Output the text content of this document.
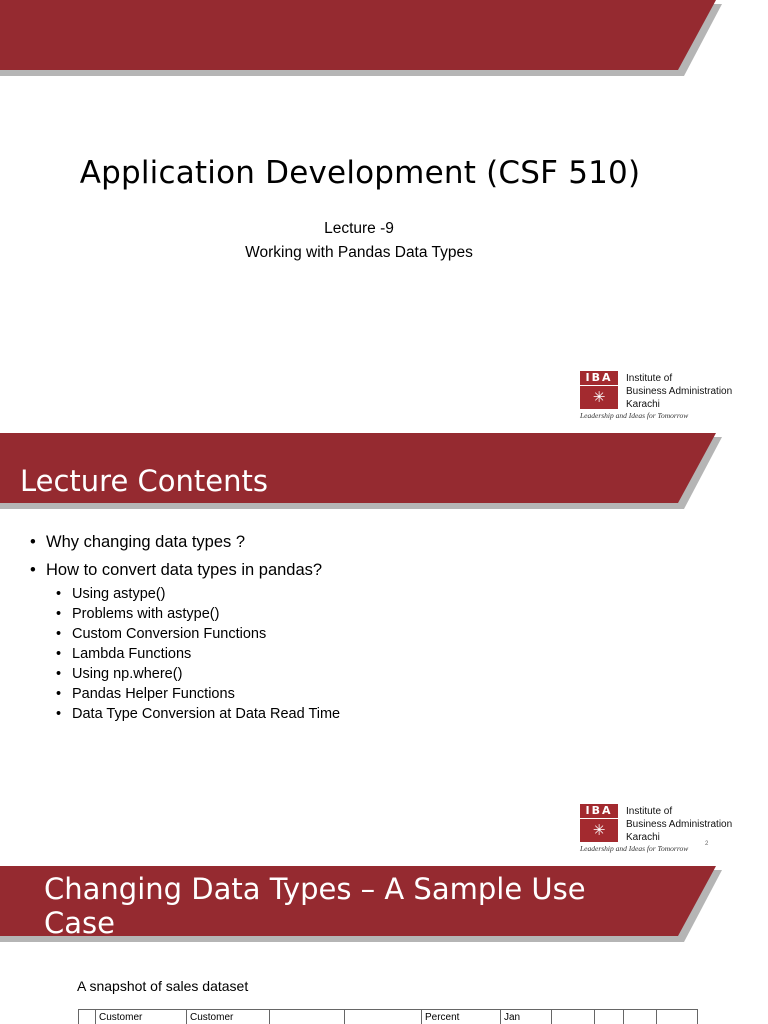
Application Development (CSF 510)
Lecture -9
Working with Pandas Data Types
IBA
✳
Institute of
Business Administration
Karachi
Leadership and Ideas for Tomorrow
Lecture Contents
• Why changing data types ?
• How to convert data types in pandas?
• Using astype()
• Problems with astype()
• Custom Conversion Functions
• Lambda Functions
• Using np.where()
• Pandas Helper Functions
• Data Type Conversion at Data Read Time
IBA
✳
Institute of
Business Administration
Karachi
Leadership and Ideas for Tomorrow	2
Changing Data Types – A Sample Use Case
A snapshot of sales dataset
	Customer	Customer			Percent	Jan				
